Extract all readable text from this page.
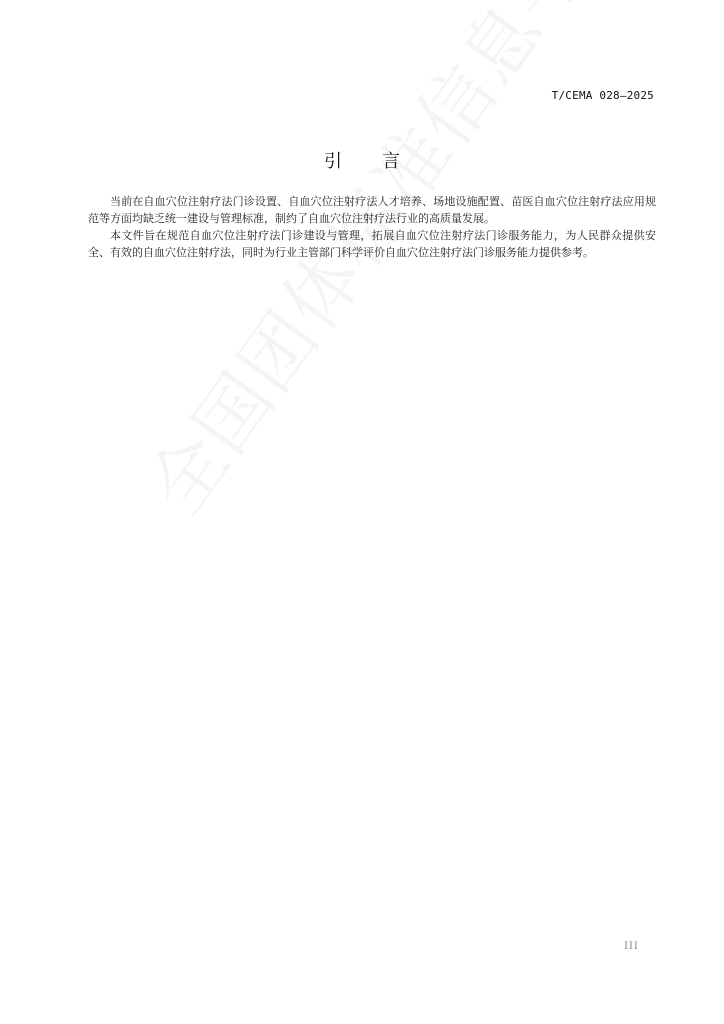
T/CEMA 028—2025
引 言

当前在自血穴位注射疗法门诊设置、自血穴位注射疗法人才培养、场地设施配置、苗医自血穴位注射疗法应用规范等方面均缺乏统一建设与管理标准，制约了自血穴位注射疗法行业的高质量发展。

本文件旨在规范自血穴位注射疗法门诊建设与管理，拓展自血穴位注射疗法门诊服务能力，为人民群众提供安全、有效的自血穴位注射疗法，同时为行业主管部门科学评价自血穴位注射疗法门诊服务能力提供参考。

III
